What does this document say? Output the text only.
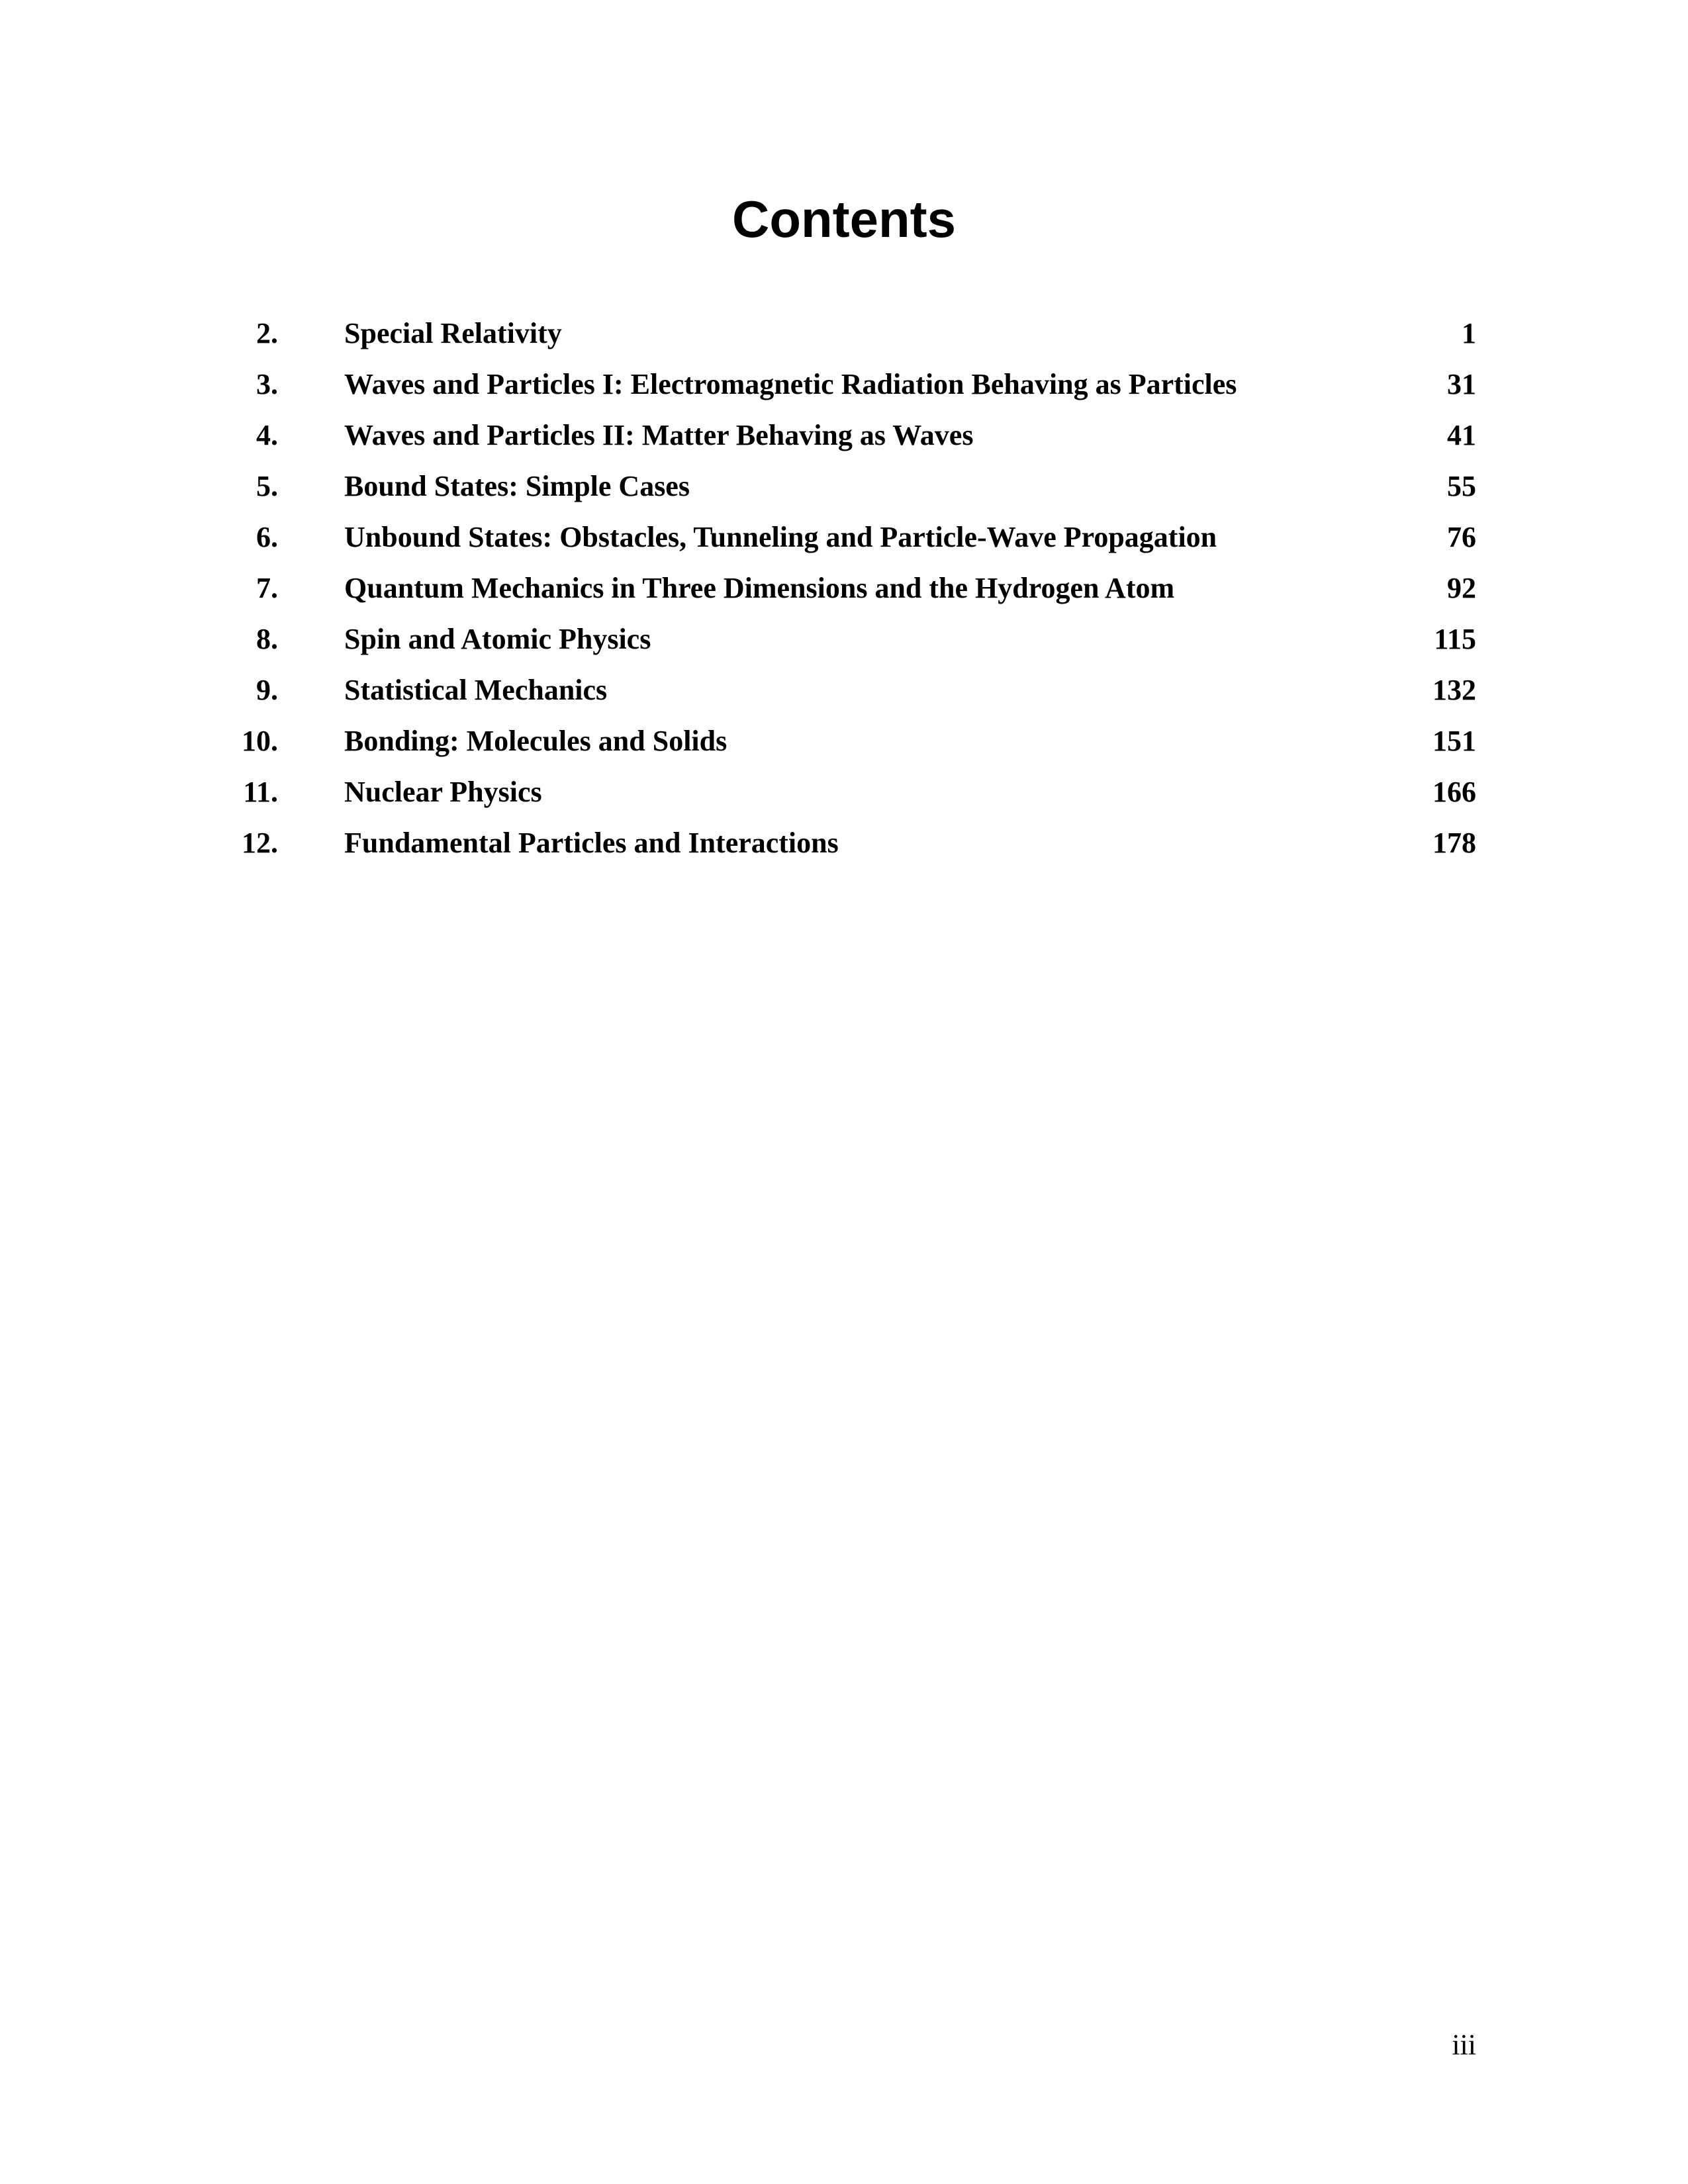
Contents
2. Special Relativity	1
3. Waves and Particles I: Electromagnetic Radiation Behaving as Particles	31
4. Waves and Particles II: Matter Behaving as Waves	41
5. Bound States: Simple Cases	55
6. Unbound States: Obstacles, Tunneling and Particle-Wave Propagation	76
7. Quantum Mechanics in Three Dimensions and the Hydrogen Atom	92
8. Spin and Atomic Physics	115
9. Statistical Mechanics	132
10. Bonding: Molecules and Solids	151
11. Nuclear Physics	166
12. Fundamental Particles and Interactions	178
iii
